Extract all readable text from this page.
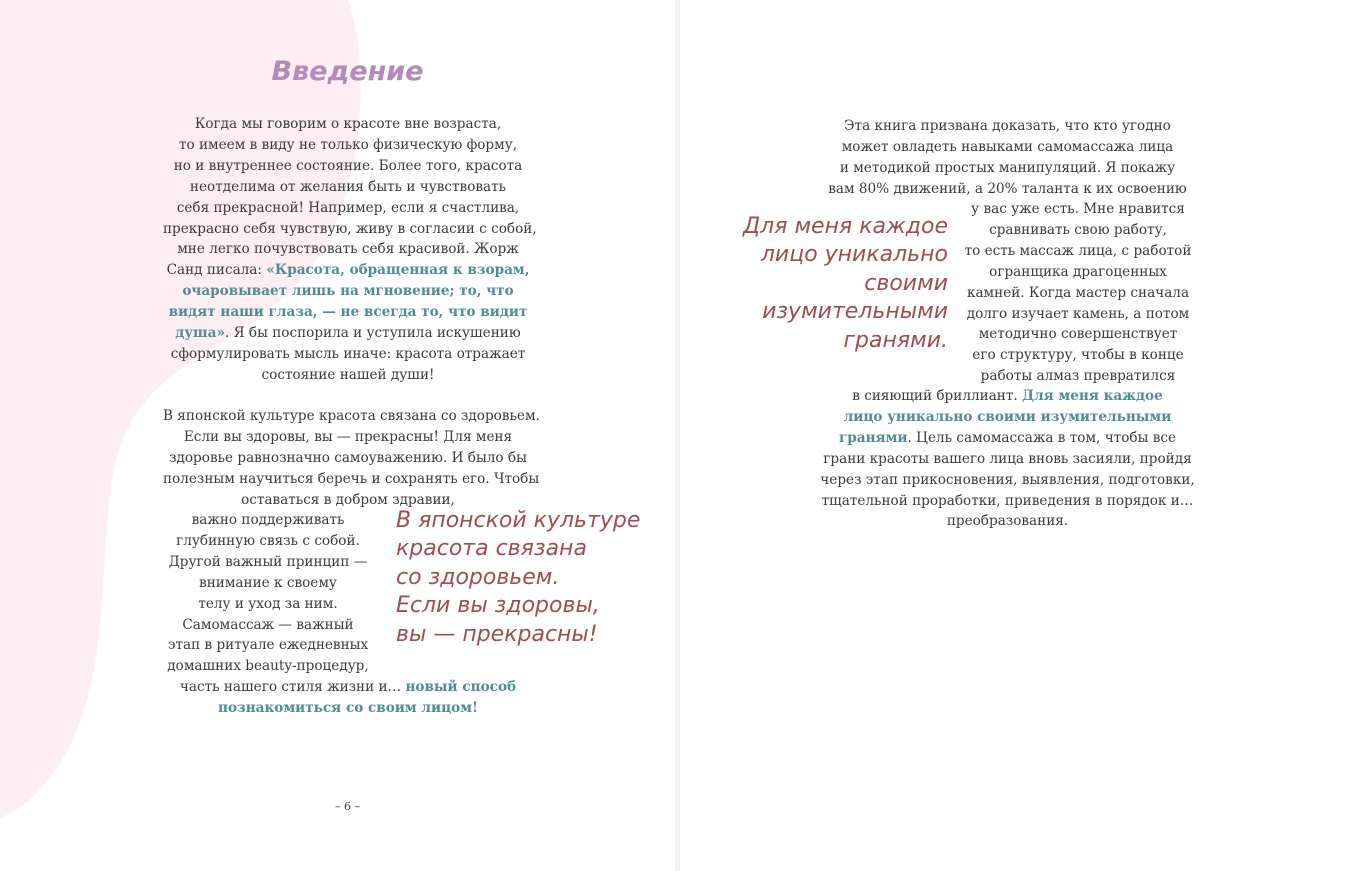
Введение
Когда мы говорим о красоте вне возраста,
то имеем в виду не только физическую форму,
но и внутреннее состояние. Более того, красота
неотделима от желания быть и чувствовать
себя прекрасной! Например, если я счастлива,
прекрасно себя чувствую, живу в согласии с собой,
мне легко почувствовать себя красивой. Жорж
Санд писала: «Красота, обращенная к взорам,
очаровывает лишь на мгновение; то, что
видят наши глаза, — не всегда то, что видит
душа». Я бы поспорила и уступила искушению
сформулировать мысль иначе: красота отражает
состояние нашей души!
В японской культуре красота связана со здоровьем.
Если вы здоровы, вы — прекрасны! Для меня
здоровье равнозначно самоуважению. И было бы
полезным научиться беречь и сохранять его. Чтобы
оставаться в добром здравии,
важно поддерживать
глубинную связь с собой.
Другой важный принцип —
внимание к своему
телу и уход за ним.
Самомассаж — важный
этап в ритуале ежедневных
домашних beauty-процедур,
часть нашего стиля жизни и… новый способ
познакомиться со своим лицом!
В японской культуре
красота связана
со здоровьем.
Если вы здоровы,
вы — прекрасны!
– 6 –
Эта книга призвана доказать, что кто угодно
может овладеть навыками самомассажа лица
и методикой простых манипуляций. Я покажу
вам 80% движений, а 20% таланта к их освоению
у вас уже есть. Мне нравится
сравнивать свою работу,
то есть массаж лица, с работой
огранщика драгоценных
камней. Когда мастер сначала
долго изучает камень, а потом
методично совершенствует
его структуру, чтобы в конце
работы алмаз превратился
в сияющий бриллиант. Для меня каждое
лицо уникально своими изумительными
гранями. Цель самомассажа в том, чтобы все
грани красоты вашего лица вновь засияли, пройдя
через этап прикосновения, выявления, подготовки,
тщательной проработки, приведения в порядок и…
преобразования.
Для меня каждое
лицо уникально
своими
изумительными
гранями.
